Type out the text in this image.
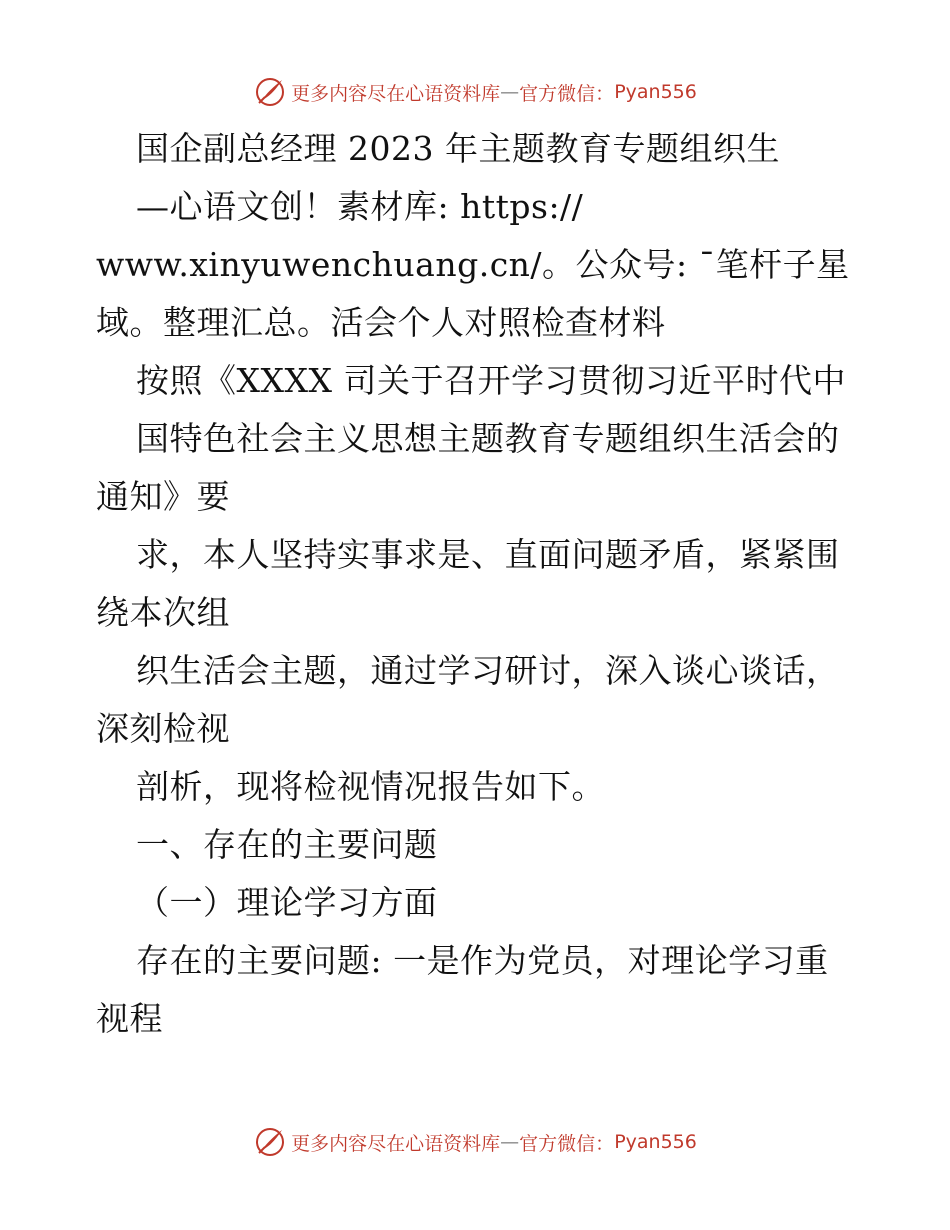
更多内容尽在心语资料库 — 官方微信： Pyan556
国企副总经理 2023 年主题教育专题组织生
—心语文创！素材库: https://
www.xinyuwenchuang.cn/。公众号: ¯笔杆子星
域。整理汇总。活会个人对照检查材料
按照《XXXX 司关于召开学习贯彻习近平时代中
国特色社会主义思想主题教育专题组织生活会的
通知》要
求，本人坚持实事求是、直面问题矛盾，紧紧围
绕本次组
织生活会主题，通过学习研讨，深入谈心谈话，
深刻检视
剖析，现将检视情况报告如下。
一、存在的主要问题
（一）理论学习方面
存在的主要问题: 一是作为党员，对理论学习重
视程
更多内容尽在心语资料库 — 官方微信： Pyan556
